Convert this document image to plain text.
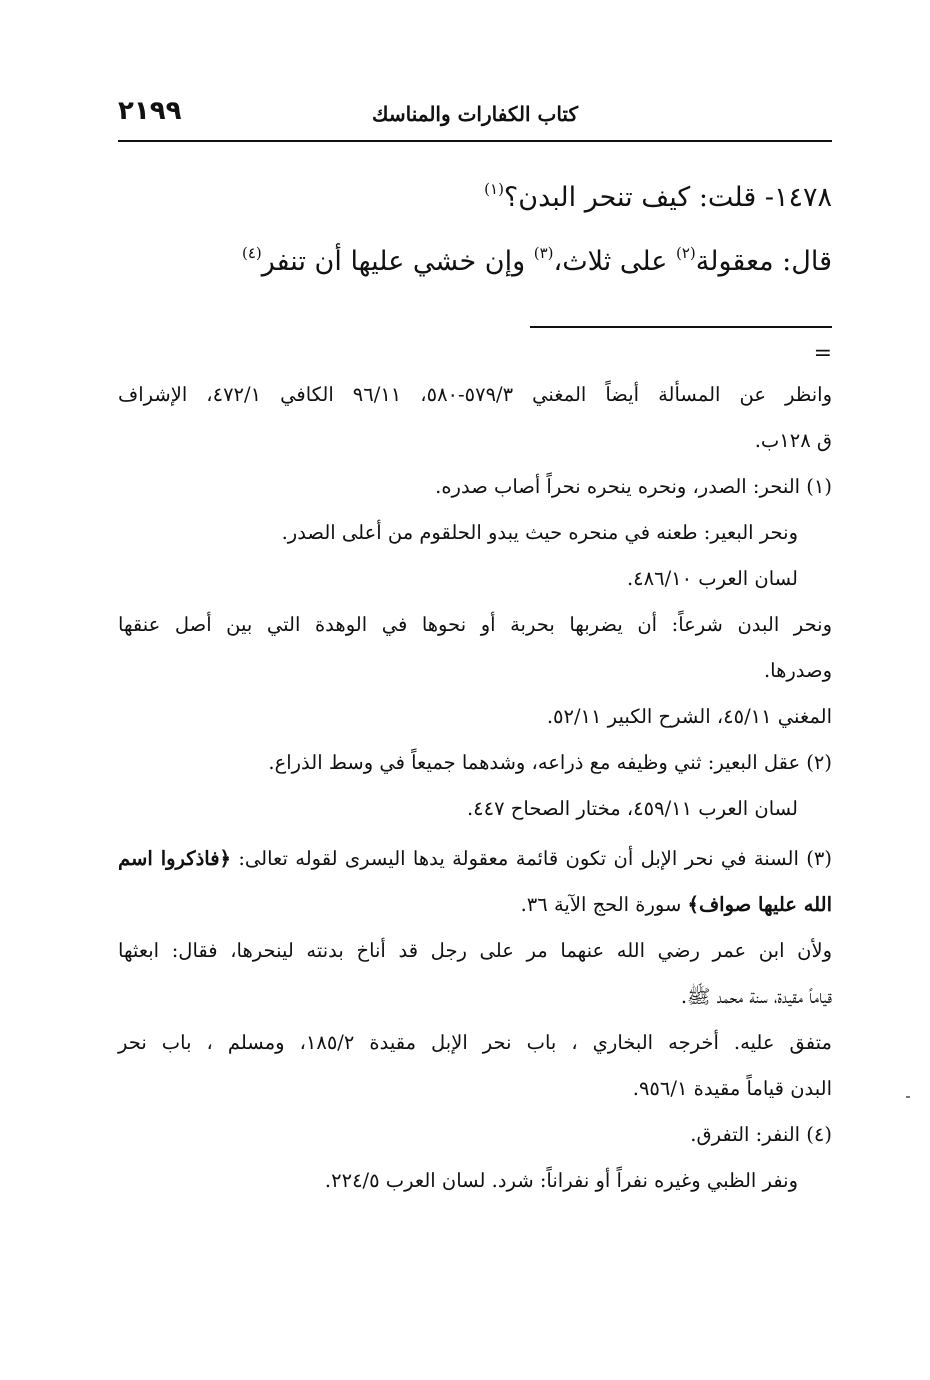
٢١٩٩	كتاب الكفارات والمناسك
١٤٧٨- قلت: كيف تنحر البدن؟$^{(١)}$
قال: معقولة$^{(٢)}$ على ثلاث،$^{(٣)}$ وإن خشي عليها أن تنفر$^{(٤)}$
=

وانظر عن المسألة أيضاً المغني ٥٧٩/٣-٥٨٠، ٩٦/١١ الكافي ٤٧٢/١، الإشراف

ق ١٢٨ب.

(١) النحر: الصدر، ونحره ينحره نحراً أصاب صدره.

ونحر البعير: طعنه في منحره حيث يبدو الحلقوم من أعلى الصدر.

لسان العرب ٤٨٦/١٠.

ونحر البدن شرعاً: أن يضربها بحربة أو نحوها في الوهدة التي بين أصل عنقها

وصدرها.

المغني ٤٥/١١، الشرح الكبير ٥٢/١١.

(٢) عقل البعير: ثني وظيفه مع ذراعه، وشدهما جميعاً في وسط الذراع.

لسان العرب ٤٥٩/١١، مختار الصحاح ٤٤٧.

(٣) السنة في نحر الإبل أن تكون قائمة معقولة يدها اليسرى لقوله تعالى: ﴿فاذكروا اسم

الله عليها صواف﴾ سورة الحج الآية ٣٦.

ولأن ابن عمر رضي الله عنهما مر على رجل قد أناخ بدنته لينحرها، فقال: ابعثها

قياماً مقيدة، سنة محمد ﷺ.

متفق عليه. أخرجه البخاري ، باب نحر الإبل مقيدة ١٨٥/٢، ومسلم ، باب نحر

البدن قياماً مقيدة ٩٥٦/١.

(٤) النفر: التفرق.

ونفر الظبي وغيره نفراً أو نفراناً: شرد. لسان العرب ٢٢٤/٥.
